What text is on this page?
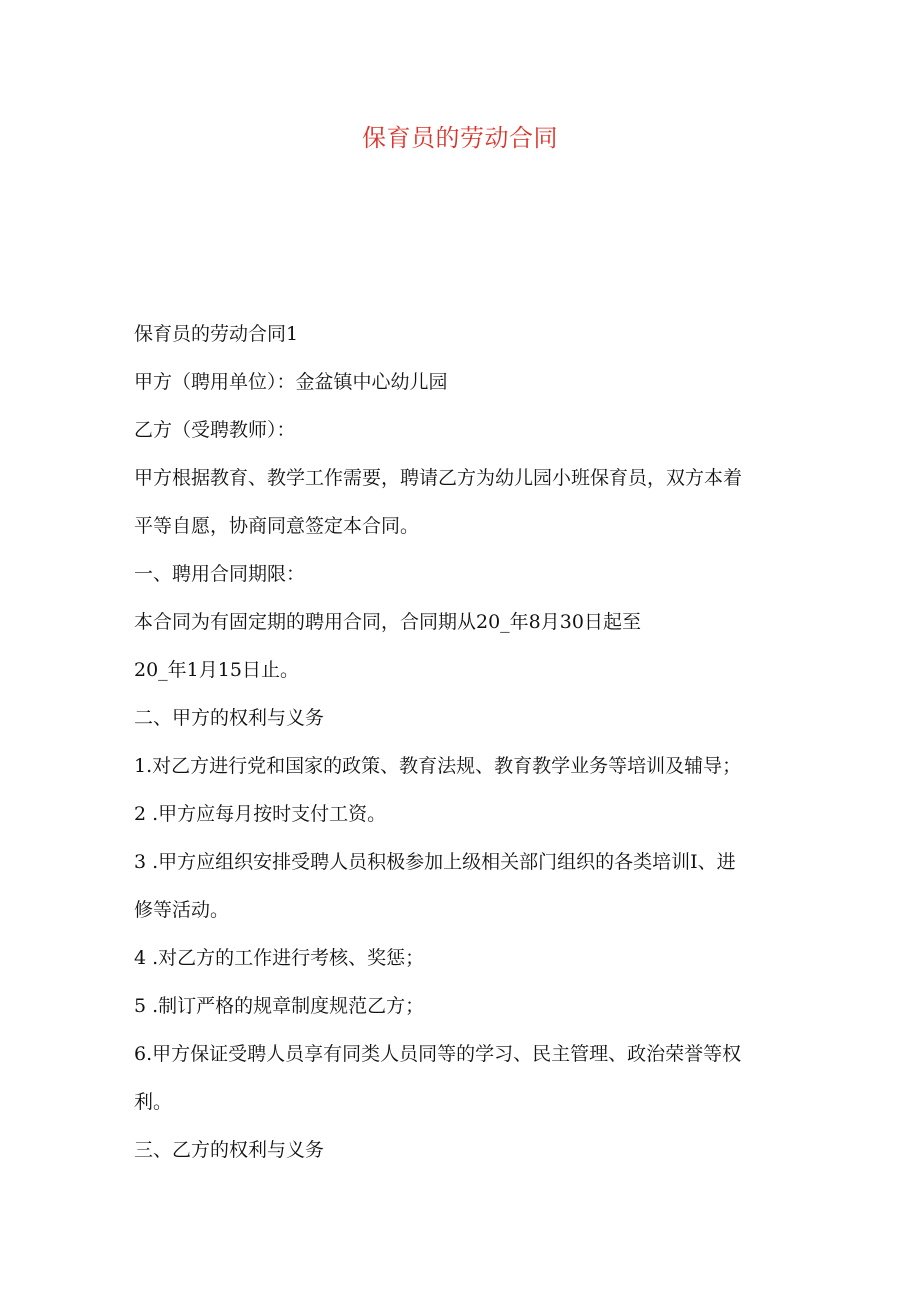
保育员的劳动合同
保育员的劳动合同1
甲方（聘用单位）：金盆镇中心幼儿园
乙方（受聘教师）：
甲方根据教育、教学工作需要，聘请乙方为幼儿园小班保育员，双方本着
平等自愿，协商同意签定本合同。
一、聘用合同期限：
本合同为有固定期的聘用合同，合同期从20_年8月30日起至
20_年1月15日止。
二、甲方的权利与义务
1.对乙方进行党和国家的政策、教育法规、教育教学业务等培训及辅导；
2 .甲方应每月按时支付工资。
3 .甲方应组织安排受聘人员积极参加上级相关部门组织的各类培训I、进
修等活动。
4 .对乙方的工作进行考核、奖惩；
5 .制订严格的规章制度规范乙方；
6.甲方保证受聘人员享有同类人员同等的学习、民主管理、政治荣誉等权
利。
三、乙方的权利与义务
